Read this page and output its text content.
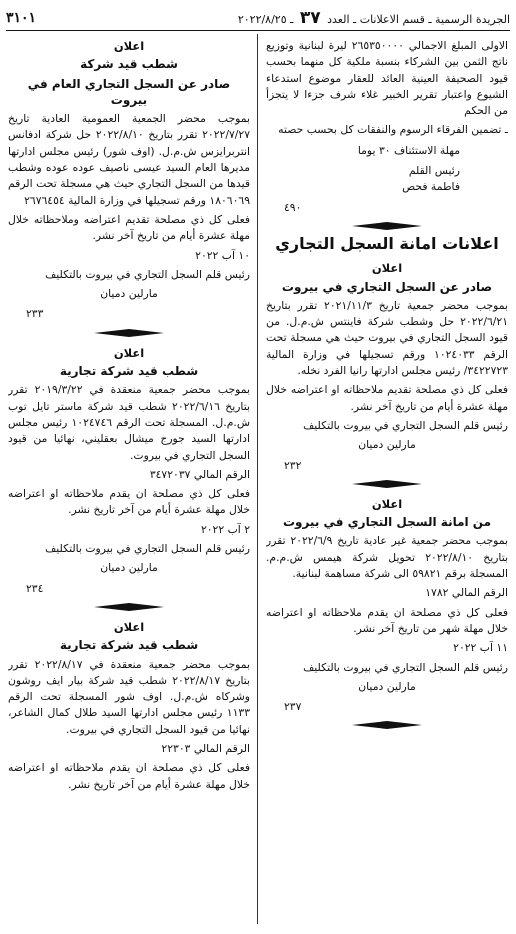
الجريدة الرسمية ـ قسم الاعلانات ـ العدد ٣٧ ـ ٢٠٢٢/٨/٢٥
٣١٠١

الاولى المبلغ الاجمالي ٢٦٥٣٥٠٠٠٠ ليرة لبنانية وتوزيع ناتج الثمن بين الشركاء بنسبة ملكية كل منهما بحسب قيود الصحيفة العينية العائد للعقار موضوع استدعاء الشيوع واعتبار تقرير الخبير غلاء شرف جزءا لا يتجزأ من الحكم

ـ تضمين الفرقاء الرسوم والنفقات كل بحسب حصته

مهلة الاستئناف ٣٠ يوما
رئيس القلم
فاطمة فحص
٤٩٠
اعلانات امانة السجل التجاري
اعلان
صادر عن السجل التجاري في بيروت

بموجب محضر جمعية تاريخ ٢٠٢١/١١/٣ تقرر بتاريخ ٢٠٢٢/٦/٢١ حل وشطب شركة فاينتس ش.م.ل. من قيود السجل التجاري في بيروت حيث هي مسجلة تحت الرقم ١٠٢٤٠٣٣ ورقم تسجيلها في وزارة المالية ٣٤٢٢٧٢٣/ رئيس مجلس ادارتها رانيا الفرد نخله.

فعلى كل ذي مصلحة تقديم ملاحظاته او اعتراضه خلال مهلة عشرة أيام من تاريخ آخر نشر.

رئيس قلم السجل التجاري في بيروت بالتكليف

مارلين دميان

٢٣٢
اعلان
من امانة السجل التجاري في بيروت

بموجب محضر جمعية غير عادية تاريخ ٢٠٢٢/٦/٩ تقرر بتاريخ ٢٠٢٢/٨/١٠ تحويل شركة هيمس ش.م.م. المسجلة برقم ٥٩٨٢١ الى شركة مساهمة لبنانية.

الرقم المالي ١٧٨٢

فعلى كل ذي مصلحة ان يقدم ملاحظاته او اعتراضه خلال مهلة شهر من تاريخ آخر نشر.

١١ آب ٢٠٢٢

رئيس قلم السجل التجاري في بيروت بالتكليف

مارلين دميان

٢٣٧
اعلان
شطب قيد شركة
صادر عن السجل التجاري العام في بيروت

بموجب محضر الجمعية العمومية العادية تاريخ ٢٠٢٢/٧/٢٧ تقرر بتاريخ ٢٠٢٢/٨/١٠ حل شركة ادفانس انتربرايزس ش.م.ل. (اوف شور) رئيس مجلس ادارتها مديرها العام السيد عيسى ناصيف عوده عوده وشطب قيدها من السجل التجاري حيث هي مسجلة تحت الرقم ١٨٠٦٠٦٩ ورقم تسجيلها في وزارة المالية ٢٦٧٦٤٥٤

فعلى كل ذي مصلحة تقديم اعتراضه وملاحظاته خلال مهلة عشرة أيام من تاريخ آخر نشر.

١٠ آب ٢٠٢٢

رئيس قلم السجل التجاري في بيروت بالتكليف

مارلين دميان

٢٣٣
اعلان
شطب قيد شركة تجارية

بموجب محضر جمعية منعقدة في ٢٠١٩/٣/٢٢ تقرر بتاريخ ٢٠٢٢/٦/١٦ شطب قيد شركة ماستر تايل توب ش.م.ل. المسجلة تحت الرقم ١٠٢٤٧٤٦ رئيس مجلس ادارتها السيد جورج ميشال بعقليني، نهائيا من قيود السجل التجاري في بيروت.

الرقم المالي ٣٤٧٢٠٣٧

فعلى كل ذي مصلحة ان يقدم ملاحظاته او اعتراضه خلال مهلة عشرة أيام من آخر تاريخ نشر.

٢ آب ٢٠٢٢

رئيس قلم السجل التجاري في بيروت بالتكليف

مارلين دميان

٢٣٤
اعلان
شطب قيد شركة تجارية

بموجب محضر جمعية منعقدة في ٢٠٢٢/٨/١٧ تقرر بتاريخ ٢٠٢٢/٨/١٧ شطب قيد شركة بيار ايف روشون وشركاه ش.م.ل. اوف شور المسجلة تحت الرقم ١١٣٣ رئيس مجلس ادارتها السيد طلال كمال الشاعر، نهائيا من قيود السجل التجاري في بيروت.

الرقم المالي ٢٢٣٠٣

فعلى كل ذي مصلحة ان يقدم ملاحظاته او اعتراضه خلال مهلة عشرة أيام من آخر تاريخ نشر.
